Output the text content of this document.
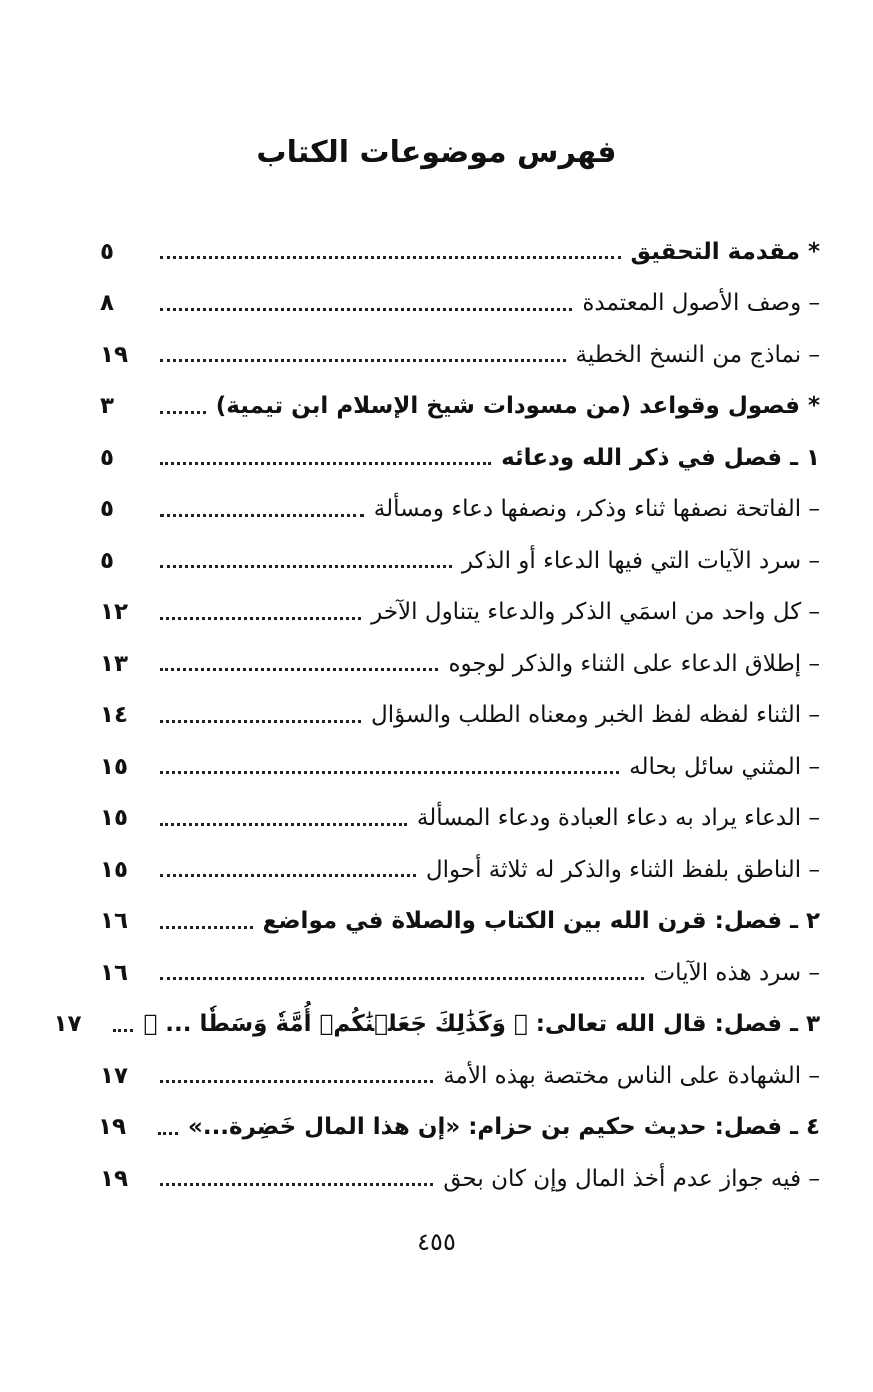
فهرس موضوعات الكتاب
* مقدمة التحقيق
٥
– وصف الأصول المعتمدة
٨
– نماذج من النسخ الخطية
١٩
* فصول وقواعد (من مسودات شيخ الإسلام ابن تيمية)
٣
١ ـ فصل في ذكر الله ودعائه
٥
– الفاتحة نصفها ثناء وذكر، ونصفها دعاء ومسألة
٥
– سرد الآيات التي فيها الدعاء أو الذكر
٥
– كل واحد من اسمَي الذكر والدعاء يتناول الآخر
١٢
– إطلاق الدعاء على الثناء والذكر لوجوه
١٣
– الثناء لفظه لفظ الخبر ومعناه الطلب والسؤال
١٤
– المثني سائل بحاله
١٥
– الدعاء يراد به دعاء العبادة ودعاء المسألة
١٥
– الناطق بلفظ الثناء والذكر له ثلاثة أحوال
١٥
٢ ـ فصل: قرن الله بين الكتاب والصلاة في مواضع
١٦
– سرد هذه الآيات
١٦
٣ ـ فصل: قال الله تعالى: ﴿ وَكَذَٰلِكَ جَعَلۡنَٰكُمۡ أُمَّةٗ وَسَطٗا ... ﴾
١٧
– الشهادة على الناس مختصة بهذه الأمة
١٧
٤ ـ فصل: حديث حكيم بن حزام: «إن هذا المال خَضِرة...»
١٩
– فيه جواز عدم أخذ المال وإن كان بحق
١٩
٤٥٥
